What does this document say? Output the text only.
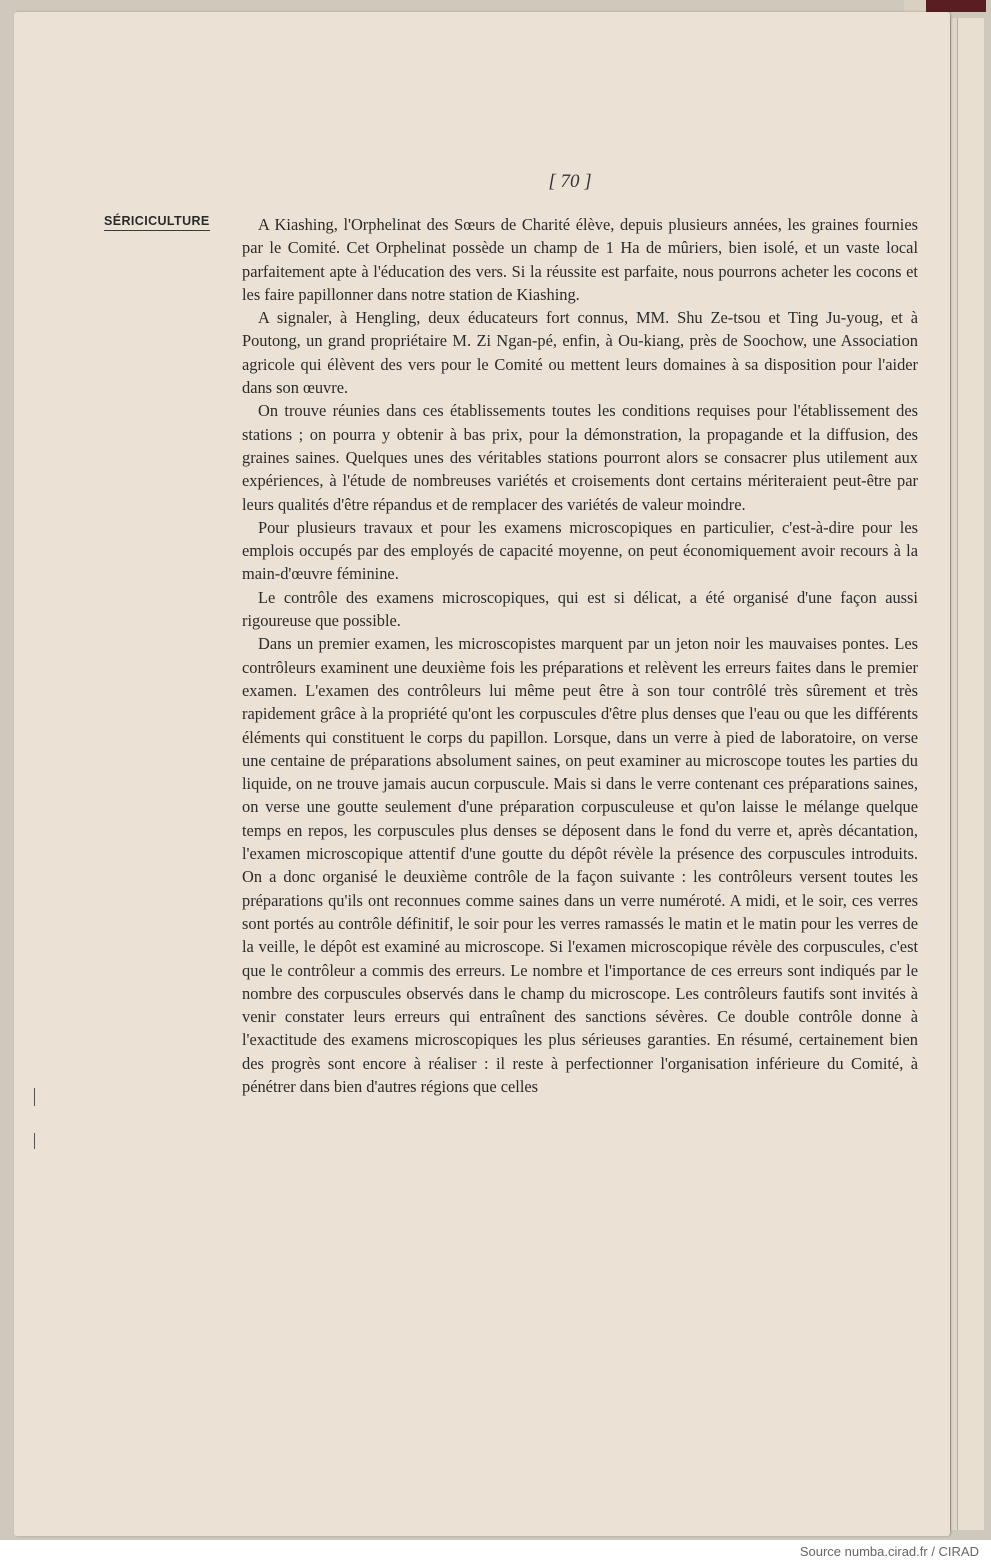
[ 70 ]
SÉRICICULTURE	A Kiashing, l'Orphelinat des Sœurs de Charité élève, depuis plusieurs années, les graines fournies par le Comité. Cet Orphelinat possède un champ de 1 Ha de mûriers, bien isolé, et un vaste local parfaitement apte à l'éducation des vers. Si la réussite est parfaite, nous pourrons acheter les cocons et les faire papillonner dans notre station de Kiashing.

A signaler, à Hengling, deux éducateurs fort connus, MM. Shu Ze-tsou et Ting Ju-youg, et à Poutong, un grand propriétaire M. Zi Ngan-pé, enfin, à Ou-kiang, près de Soochow, une Association agricole qui élèvent des vers pour le Comité ou mettent leurs domaines à sa disposition pour l'aider dans son œuvre.

On trouve réunies dans ces établissements toutes les conditions requises pour l'établissement des stations ; on pourra y obtenir à bas prix, pour la démonstration, la propagande et la diffusion, des graines saines. Quelques unes des véritables stations pourront alors se consacrer plus utilement aux expériences, à l'étude de nombreuses variétés et croisements dont certains mériteraient peut-être par leurs qualités d'être répandus et de remplacer des variétés de valeur moindre.

Pour plusieurs travaux et pour les examens microscopiques en particulier, c'est-à-dire pour les emplois occupés par des employés de capacité moyenne, on peut économiquement avoir recours à la main-d'œuvre féminine.

Le contrôle des examens microscopiques, qui est si délicat, a été organisé d'une façon aussi rigoureuse que possible.

Dans un premier examen, les microscopistes marquent par un jeton noir les mauvaises pontes. Les contrôleurs examinent une deuxième fois les préparations et relèvent les erreurs faites dans le premier examen. L'examen des contrôleurs lui même peut être à son tour contrôlé très sûrement et très rapidement grâce à la propriété qu'ont les corpuscules d'être plus denses que l'eau ou que les différents éléments qui constituent le corps du papillon. Lorsque, dans un verre à pied de laboratoire, on verse une centaine de préparations absolument saines, on peut examiner au microscope toutes les parties du liquide, on ne trouve jamais aucun corpuscule. Mais si dans le verre contenant ces préparations saines, on verse une goutte seulement d'une préparation corpusculeuse et qu'on laisse le mélange quelque temps en repos, les corpuscules plus denses se déposent dans le fond du verre et, après décantation, l'examen microscopique attentif d'une goutte du dépôt révèle la présence des corpuscules introduits. On a donc organisé le deuxième contrôle de la façon suivante : les contrôleurs versent toutes les préparations qu'ils ont reconnues comme saines dans un verre numéroté. A midi, et le soir, ces verres sont portés au contrôle définitif, le soir pour les verres ramassés le matin et le matin pour les verres de la veille, le dépôt est examiné au microscope. Si l'examen microscopique révèle des corpuscules, c'est que le contrôleur a commis des erreurs. Le nombre et l'importance de ces erreurs sont indiqués par le nombre des corpuscules observés dans le champ du microscope. Les contrôleurs fautifs sont invités à venir constater leurs erreurs qui entraînent des sanctions sévères. Ce double contrôle donne à l'exactitude des examens microscopiques les plus sérieuses garanties. En résumé, certainement bien des progrès sont encore à réaliser : il reste à perfectionner l'organisation inférieure du Comité, à pénétrer dans bien d'autres régions que celles

Source numba.cirad.fr / CIRAD
